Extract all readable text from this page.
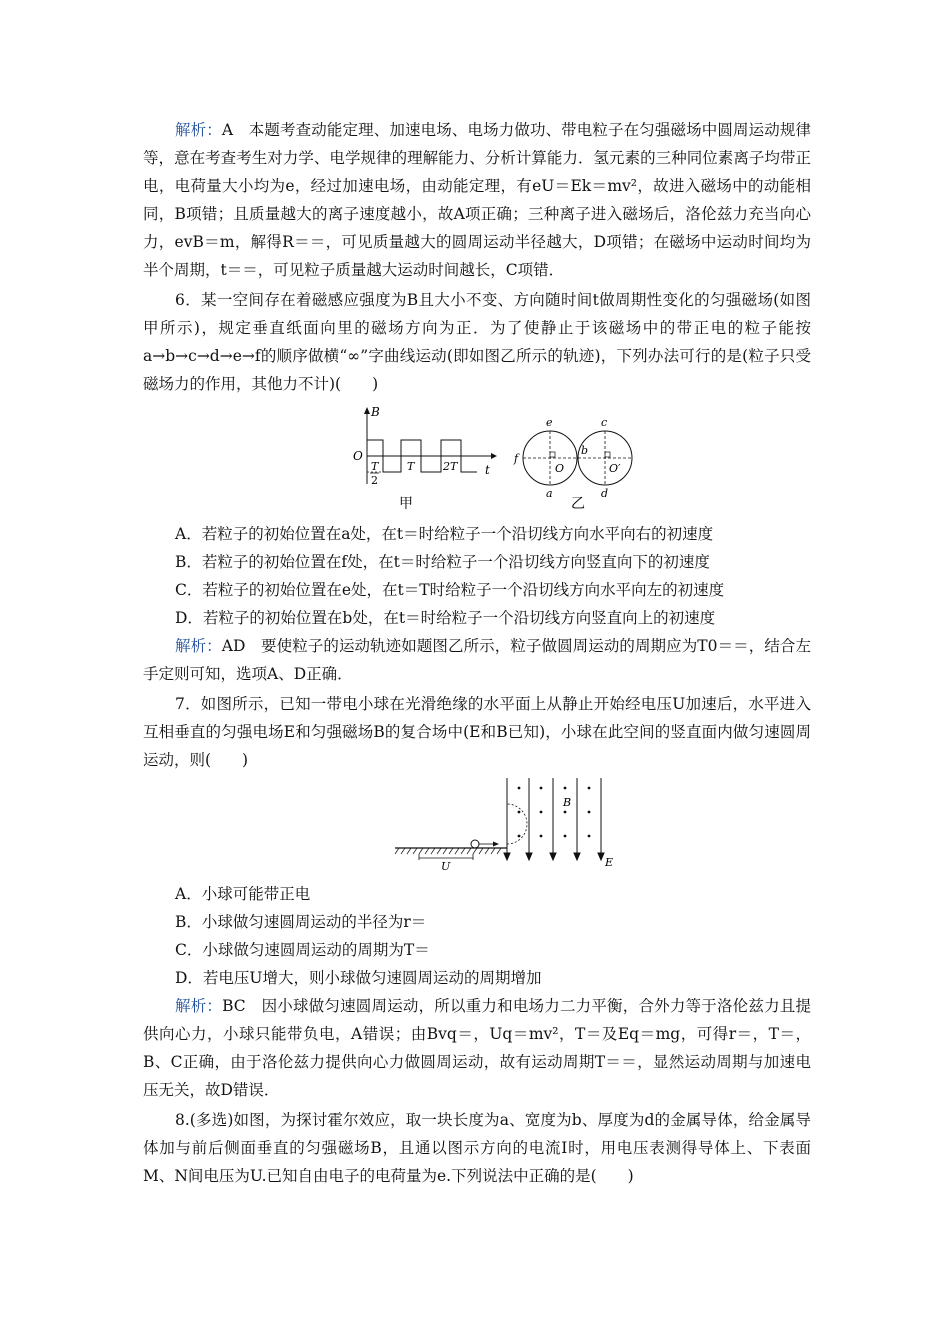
解析：A　本题考查动能定理、加速电场、电场力做功、带电粒子在匀强磁场中圆周运动规律等，意在考查考生对力学、电学规律的理解能力、分析计算能力．氢元素的三种同位素离子均带正电，电荷量大小均为e，经过加速电场，由动能定理，有eU＝Ek＝mv²，故进入磁场中的动能相同，B项错；且质量越大的离子速度越小，故A项正确；三种离子进入磁场后，洛伦兹力充当向心力，evB＝m，解得R＝＝，可见质量越大的圆周运动半径越大，D项错；在磁场中运动时间均为半个周期，t＝＝，可见粒子质量越大运动时间越长，C项错．

6．某一空间存在着磁感应强度为B且大小不变、方向随时间t做周期性变化的匀强磁场(如图甲所示)，规定垂直纸面向里的磁场方向为正．为了使静止于该磁场中的带正电的粒子能按a→b→c→d→e→f的顺序做横“∞”字曲线运动(即如图乙所示的轨迹)，下列办法可行的是(粒子只受磁场力的作用，其他力不计)(　　)

B
O
t
T
2
T	2T
甲
e	c
f
b
O	O′
a	d
乙

A．若粒子的初始位置在a处，在t＝时给粒子一个沿切线方向水平向右的初速度

B．若粒子的初始位置在f处，在t＝时给粒子一个沿切线方向竖直向下的初速度

C．若粒子的初始位置在e处，在t＝T时给粒子一个沿切线方向水平向左的初速度

D．若粒子的初始位置在b处，在t＝时给粒子一个沿切线方向竖直向上的初速度

解析：AD　要使粒子的运动轨迹如题图乙所示，粒子做圆周运动的周期应为T0＝＝，结合左手定则可知，选项A、D正确．

7．如图所示，已知一带电小球在光滑绝缘的水平面上从静止开始经电压U加速后，水平进入互相垂直的匀强电场E和匀强磁场B的复合场中(E和B已知)，小球在此空间的竖直面内做匀速圆周运动，则(　　)

U
B
E

A．小球可能带正电

B．小球做匀速圆周运动的半径为r＝

C．小球做匀速圆周运动的周期为T＝

D．若电压U增大，则小球做匀速圆周运动的周期增加

解析：BC　因小球做匀速圆周运动，所以重力和电场力二力平衡，合外力等于洛伦兹力且提供向心力，小球只能带负电，A错误；由Bvq＝，Uq＝mv²，T＝及Eq＝mg，可得r＝，T＝，B、C正确，由于洛伦兹力提供向心力做圆周运动，故有运动周期T＝＝，显然运动周期与加速电压无关，故D错误．

8.(多选)如图，为探讨霍尔效应，取一块长度为a、宽度为b、厚度为d的金属导体，给金属导体加与前后侧面垂直的匀强磁场B，且通以图示方向的电流I时，用电压表测得导体上、下表面M、N间电压为U.已知自由电子的电荷量为e.下列说法中正确的是(　　)
